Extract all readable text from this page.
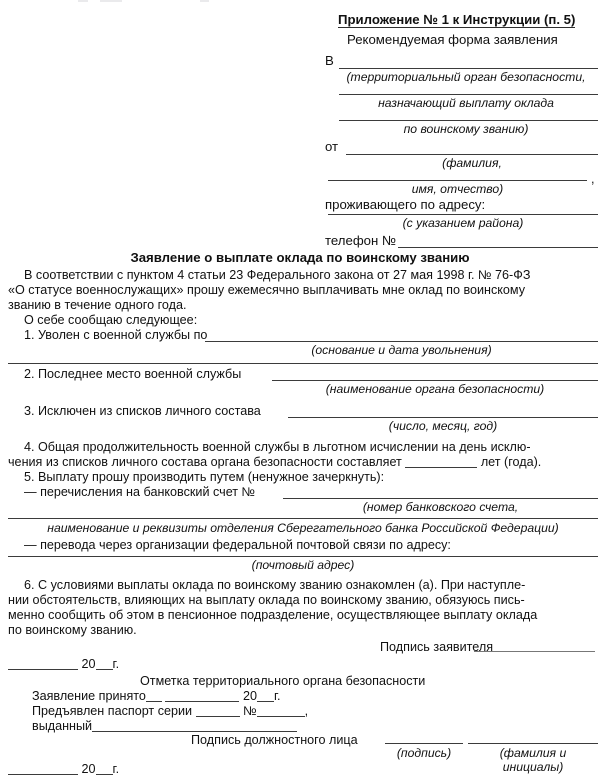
Приложение № 1 к Инструкции (п. 5)
Рекомендуемая форма заявления
В
(территориальный орган безопасности,
назначающий выплату оклада
по воинскому званию)
от
(фамилия,
,
имя, отчество)
проживающего по адресу:
(с указанием района)
телефон №
Заявление о выплате оклада по воинскому званию
В соответствии с пунктом 4 статьи 23 Федерального закона от 27 мая 1998 г. № 76-ФЗ
«О статусе военнослужащих» прошу ежемесячно выплачивать мне оклад по воинскому
званию в течение одного года.
О себе сообщаю следующее:
1. Уволен с военной службы по
(основание и дата увольнения)
2. Последнее место военной службы
(наименование органа безопасности)
3. Исключен из списков личного состава
(число, месяц, год)
4. Общая продолжительность военной службы в льготном исчислении на день исклю-
чения из списков личного состава органа безопасности составляет	лет (года).
5. Выплату прошу производить путем (ненужное зачеркнуть):
— перечисления на банковский счет №
(номер банковского счета,
наименование и реквизиты отделения Сберегательного банка Российской Федерации)
— перевода через организации федеральной почтовой связи по адресу:
(почтовый адрес)
6. С условиями выплаты оклада по воинскому званию ознакомлен (а). При наступле-
нии обстоятельств, влияющих на выплату оклада по воинскому званию, обязуюсь пись-
менно сообщить об этом в пенсионное подразделение, осуществляющее выплату оклада
по воинскому званию.
Подпись заявителя
20 г.
Отметка территориального органа безопасности
Заявление принято	20 г.
Предъявлен паспорт серии	№	,
выданный
Подпись должностного лица
(подпись)	(фамилия и инициалы)
20 г.
